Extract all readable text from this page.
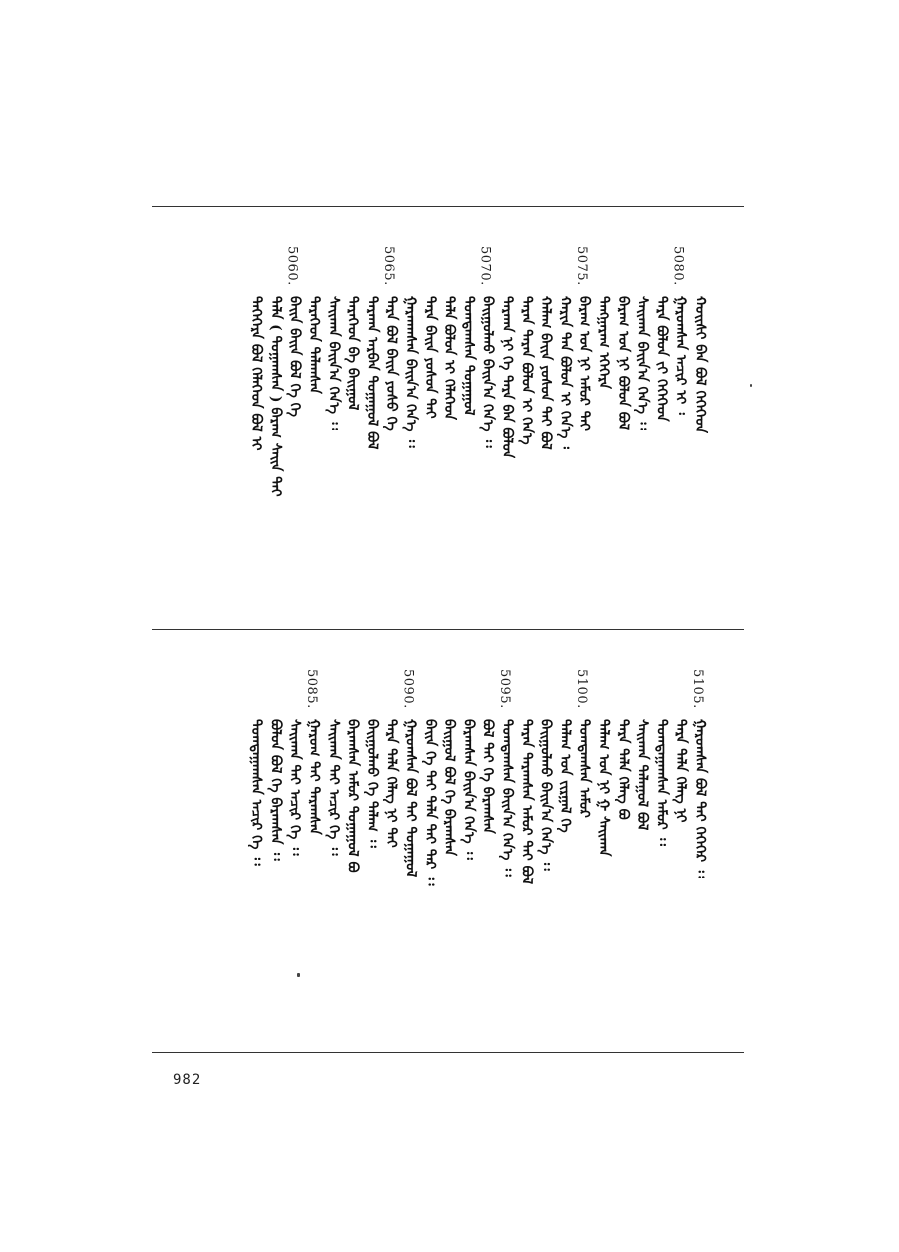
ᠬᠣᠢᠰᠢ ᠪᠠᠨ ᠪᠣᠯ ᠭᠡᠭᠡᠭᠡᠳ
5080.
ᠭᠠᠷᠤᠭᠰᠠᠨ ᠠᠴᠢᠷ ᠢ ᠄
ᠲᠡᠷᠡ ᠪᠣᠯᠤᠨ ᠵᠢ ᠭᠡᠭᠡᠭᠡᠳ
ᠰᠠᠢᠬᠠᠨ ᠪᠠᠢᠨ᠎ᠠ ᠭᠡᠨ᠎ᠡ ᠄᠄
ᠪᠠᠷᠠᠭ ᠤᠨ ᠨᠢ ᠪᠣᠯᠤᠨ ᠪᠣᠯ
ᠲᠠᠩᠭᠠᠷᠠᠭ ᠡᠭᠡᠭᠡᠷᠡ
5075.
ᠪᠠᠷᠠᠭ ᠤᠨ ᠨᠢ ᠠᠮᠤᠷ ᠲᠠᠢ
ᠬᠠᠷᠢᠨ ᠲᠠᠨ ᠪᠣᠯᠤᠨ ᠢ ᠭᠡᠨ᠎ᠡ ᠄
ᠬᠠᠯᠠᠭ ᠪᠠᠢᠨ ᠶᠣᠰᠣᠨ ᠲᠠᠢ ᠪᠣᠯ
ᠲᠠᠷᠠᠨ ᠲᠠᠷᠠᠨ ᠪᠣᠯᠤᠨ ᠢ ᠭᠡᠨ᠎ᠡ
ᠲᠠᠷᠬᠠᠨ ᠨᠢ ᠭᠡ ᠲᠡᠷᠡ ᠪᠠᠨ ᠪᠣᠯᠤᠨ
5070.
ᠪᠠᠢᠭᠤᠯᠬᠤ ᠪᠠᠢᠨ᠎ᠠ ᠭᠡᠨ᠎ᠡ ᠄᠄
ᠲᠣᠭᠲᠠᠭᠰᠠᠨ ᠲᠣᠭᠠᠭᠤᠯ
ᠲᠠᠯᠠ ᠪᠣᠯᠤᠨ ᠢ ᠬᠡᠯᠡᠭᠡᠳ
ᠲᠡᠷᠡ ᠪᠠᠢᠨ ᠶᠣᠰᠣᠨ ᠲᠠᠢ
ᠭᠠᠷᠬᠠᠭᠰᠠᠨ ᠪᠠᠢᠨ᠎ᠠ ᠭᠡᠨ᠎ᠡ ᠄᠄
5065.
ᠲᠡᠷᠡ ᠪᠣᠯ ᠪᠠᠢᠨ ᠶᠣᠰᠣ ᠭᠡ
ᠲᠠᠷᠬᠠᠨ ᠠᠷᠪᠠᠨ ᠲᠣᠭᠠᠭᠤᠯ ᠪᠣᠯ
ᠲᠡᠷᠡᠭᠡᠳ ᠪᠠ ᠪᠠᠢᠭᠤᠯ
ᠰᠠᠢᠬᠠᠨ ᠪᠠᠢᠨ᠎ᠠ ᠭᠡᠨ᠎ᠡ ᠄᠄
ᠲᠡᠷᠡᠭᠡᠳ ᠲᠠᠯᠠᠭᠰᠠᠨ
5060.
ᠪᠠᠢᠨ ᠪᠠᠢᠨ ᠪᠣᠯ ᠭᠡ ᠭᠡ
ᠲᠠᠯᠠ ( ᠲᠣᠭᠠᠭᠰᠠᠨ ) ᠪᠠᠷᠠᠭ ᠰᠠᠢᠨ ᠲᠠᠢ
ᠲᠡᠭᠡᠭᠡᠷᠡ ᠪᠣᠯ ᠬᠡᠯᠡᠭᠡᠳ ᠪᠣᠯ ᠢ
5105.
ᠭᠠᠷᠤᠭᠰᠠᠨ ᠪᠣᠯ ᠲᠠᠢ ᠭᠡᠭᠡᠭᠡᠷ ᠄᠄
ᠲᠡᠷᠡ ᠲᠠᠯᠠ ᠬᠡᠯᠡᠭ ᠨᠢ
ᠲᠣᠭᠲᠠᠭᠠᠭᠰᠠᠨ ᠠᠮᠤᠷ ᠄᠄
ᠰᠠᠢᠬᠠᠨ ᠲᠠᠯᠠᠭᠤᠯ ᠪᠣᠯ
ᠲᠡᠷᠡ ᠲᠠᠯᠠ ᠬᠡᠯᠡᠭ ᠪᠣ
ᠲᠠᠯᠠᠭ ᠤᠨ ᠨᠢ ᠭ ᠰᠠᠢᠬᠠᠨ
5100.
ᠲᠣᠭᠲᠠᠭᠰᠠᠨ ᠠᠮᠤᠷ
ᠲᠠᠯᠠᠭ ᠤᠨ ᠵᠢᠷᠭᠠᠯ ᠭᠡ
ᠪᠠᠢᠭᠤᠯᠬᠤ ᠪᠠᠢᠨ᠎ᠠ ᠭᠡᠨ᠎ᠡ ᠄᠄
ᠲᠠᠷᠠᠨ ᠲᠠᠷᠠᠭᠰᠠᠨ ᠠᠮᠤᠷ ᠲᠠᠢ ᠪᠣᠯ
5095.
ᠲᠣᠭᠲᠠᠭᠰᠠᠨ ᠪᠠᠢᠨ᠎ᠠ ᠭᠡᠨ᠎ᠡ ᠄᠄
ᠪᠣᠯ ᠲᠠᠢ ᠭᠡ ᠪᠠᠷᠠᠭᠰᠠᠨ
ᠪᠠᠷᠠᠭᠰᠠᠨ ᠪᠠᠢᠨ᠎ᠠ ᠭᠡᠨ᠎ᠡ ᠄᠄
ᠪᠠᠢᠭᠤᠯ ᠪᠣᠯ ᠭᠡ ᠪᠠᠷᠠᠭᠰᠠᠨ
ᠪᠠᠢᠨ ᠭᠡ ᠲᠠᠢ ᠲᠠᠯᠠ ᠲᠠᠢ ᠲᠠᠷ ᠄᠄
5090.
ᠭᠠᠷᠤᠭᠰᠠᠨ ᠪᠣᠯ ᠲᠠᠢ ᠲᠣᠭᠠᠭᠤᠯ
ᠲᠡᠷᠡ ᠲᠠᠯᠠ ᠬᠡᠯᠡᠭ ᠨᠢ ᠲᠠᠢ
ᠪᠠᠢᠭᠤᠯᠬᠤ ᠭᠡ ᠲᠠᠯᠠᠭ ᠄᠄
ᠪᠠᠷᠠᠭᠰᠠᠨ ᠠᠮᠤᠷ ᠲᠣᠭᠠᠭᠤᠯ ᠪᠣ
ᠰᠠᠢᠬᠠᠨ ᠲᠠᠢ ᠠᠴᠢᠷ ᠭᠡ ᠄᠄
5085.
ᠭᠠᠷᠤᠭ ᠲᠠᠢ ᠲᠠᠷᠠᠭᠰᠠᠨ
ᠰᠠᠢᠬᠠᠨ ᠲᠠᠢ ᠠᠴᠢᠷ ᠭᠡ ᠄᠄
ᠪᠣᠯᠤᠨ ᠪᠣᠯ ᠭᠡ ᠪᠠᠷᠠᠭᠰᠠᠨ ᠄᠄
ᠲᠣᠭᠲᠠᠭᠠᠭᠰᠠᠨ ᠠᠴᠢᠷ ᠭᠡ ᠄᠄
982
